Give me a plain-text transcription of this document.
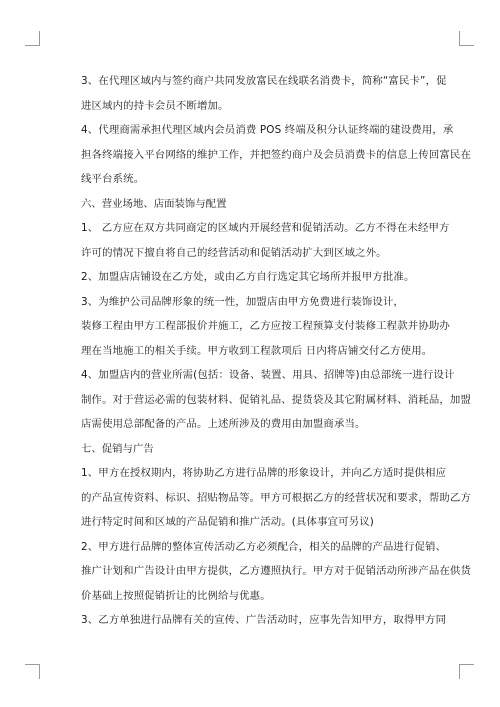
3、在代理区域内与签约商户共同发放富民在线联名消费卡，简称“富民卡”，促
进区域内的持卡会员不断增加。

4、代理商需承担代理区域内会员消费 POS 终端及积分认证终端的建设费用，承
担各终端接入平台网络的维护工作，并把签约商户及会员消费卡的信息上传回富民在
线平台系统。

六、营业场地、店面装饰与配置

1、 乙方应在双方共同商定的区域内开展经营和促销活动。乙方不得在未经甲方
许可的情况下擅自将自己的经营活动和促销活动扩大到区域之外。

2、加盟店店铺设在乙方处，或由乙方自行选定其它场所并报甲方批准。

3、为维护公司品牌形象的统一性，加盟店由甲方免费进行装饰设计，

装修工程由甲方工程部报价并施工，乙方应按工程预算支付装修工程款并协助办
理在当地施工的相关手续。甲方收到工程款项后 日内将店铺交付乙方使用。

4、加盟店内的营业所需(包括：设备、装置、用具、招牌等)由总部统一进行设计
制作。对于营运必需的包装材料、促销礼品、提货袋及其它附属材料、消耗品，加盟
店需使用总部配备的产品。上述所涉及的费用由加盟商承当。

七、促销与广告

1、甲方在授权期内，将协助乙方进行品牌的形象设计，并向乙方适时提供相应
的产品宣传资料、标识、招贴物品等。甲方可根据乙方的经营状况和要求，帮助乙方
进行特定时间和区域的产品促销和推广活动。(具体事宜可另议)

2、甲方进行品牌的整体宣传活动乙方必须配合，相关的品牌的产品进行促销、
推广计划和广告设计由甲方提供，乙方遵照执行。甲方对于促销活动所涉产品在供货
价基础上按照促销折让的比例给与优惠。

3、乙方单独进行品牌有关的宣传、广告活动时，应事先告知甲方，取得甲方同
